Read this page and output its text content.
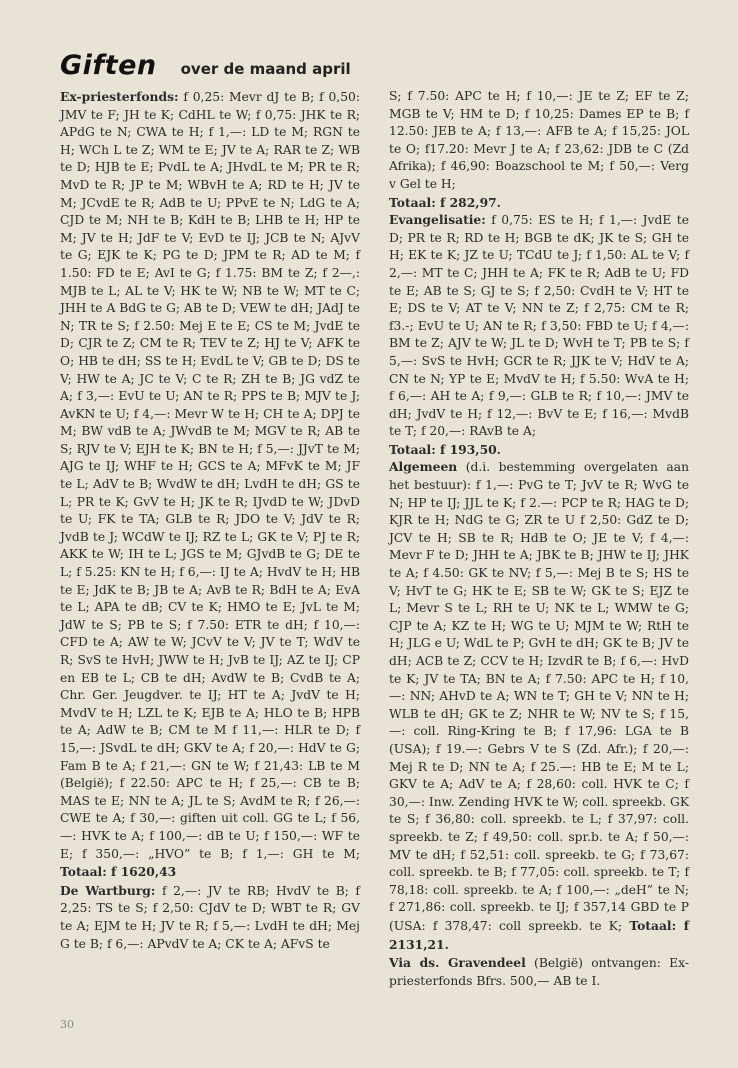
Giften over de maand april

Ex-priesterfonds: f 0,25: Mevr dJ te B; f 0,50: JMV te F; JH te K; CdHL te W; f 0,75: JHK te R; APdG te N; CWA te H; f 1,—: LD te M; RGN te H; WCh L te Z; WM te E; JV te A; RAR te Z; WB te D; HJB te E; PvdL te A; JHvdL te M; PR te R; MvD te R; JP te M; WBvH te A; RD te H; JV te M; JCvdE te R; AdB te U; PPvE te N; LdG te A; CJD te M; NH te B; KdH te B; LHB te H; HP te M; JV te H; JdF te V; EvD te IJ; JCB te N; AJvV te G; EJK te K; PG te D; JPM te R; AD te M; f 1.50: FD te E; AvI te G; f 1.75: BM te Z; f 2—,: MJB te L; AL te V; HK te W; NB te W; MT te C; JHH te A BdG te G; AB te D; VEW te dH; JAdJ te N; TR te S; f 2.50: Mej E te E; CS te M; JvdE te D; CJR te Z; CM te R; TEV te Z; HJ te V; AFK te O; HB te dH; SS te H; EvdL te V; GB te D; DS te V; HW te A; JC te V; C te R; ZH te B; JG vdZ te A; f 3,—: EvU te U; AN te R; PPS te B; MJV te J; AvKN te U; f 4,—: Mevr W te H; CH te A; DPJ te M; BW vdB te A; JWvdB te M; MGV te R; AB te S; RJV te V; EJH te K; BN te H; f 5,—: JJvT te M; AJG te IJ; WHF te H; GCS te A; MFvK te M; JF te L; AdV te B; WvdW te dH; LvdH te dH; GS te L; PR te K; GvV te H; JK te R; IJvdD te W; JDvD te U; FK te TA; GLB te R; JDO te V; JdV te R; JvdB te J; WCdW te IJ; RZ te L; GK te V; PJ te R; AKK te W; IH te L; JGS te M; GJvdB te G; DE te L; f 5.25: KN te H; f 6,—: IJ te A; HvdV te H; HB te E; JdK te B; JB te A; AvB te R; BdH te A; EvA te L; APA te dB; CV te K; HMO te E; JvL te M; JdW te S; PB te S; f 7.50: ETR te dH; f 10,—: CFD te A; AW te W; JCvV te V; JV te T; WdV te R; SvS te HvH; JWW te H; JvB te IJ; AZ te IJ; CP en EB te L; CB te dH; AvdW te B; CvdB te A; Chr. Ger. Jeugdver. te IJ; HT te A; JvdV te H; MvdV te H; LZL te K; EJB te A; HLO te B; HPB te A; AdW te B; CM te M f 11,—: HLR te D; f 15,—: JSvdL te dH; GKV te A; f 20,—: HdV te G; Fam B te A; f 21,—: GN te W; f 21,43: LB te M (België); f 22.50: APC te H; f 25,—: CB te B; MAS te E; NN te A; JL te S; AvdM te R; f 26,—: CWE te A; f 30,—: giften uit coll. GG te L; f 56,—: HVK te A; f 100,—: dB te U; f 150,—: WF te E; f 350,—: „HVO” te B; f 1,—: GH te M; Totaal: f 1620,43

De Wartburg: f 2,—: JV te RB; HvdV te B; f 2,25: TS te S; f 2,50: CJdV te D; WBT te R; GV te A; EJM te H; JV te R; f 5,—: LvdH te dH; Mej G te B; f 6,—: APvdV te A; CK te A; AFvS te

S; f 7.50: APC te H; f 10,—: JE te Z; EF te Z; MGB te V; HM te D; f 10,25: Dames EP te B; f 12.50: JEB te A; f 13,—: AFB te A; f 15,25: JOL te O; f17.20: Mevr J te A; f 23,62: JDB te C (Zd Afrika); f 46,90: Boazschool te M; f 50,—: Verg v Gel te H;

Totaal: f 282,97.

Evangelisatie: f 0,75: ES te H; f 1,—: JvdE te D; PR te R; RD te H; BGB te dK; JK te S; GH te H; EK te K; JZ te U; TCdU te J; f 1,50: AL te V; f 2,—: MT te C; JHH te A; FK te R; AdB te U; FD te E; AB te S; GJ te S; f 2,50: CvdH te V; HT te E; DS te V; AT te V; NN te Z; f 2,75: CM te R; f3.-; EvU te U; AN te R; f 3,50: FBD te U; f 4,—: BM te Z; AJV te W; JL te D; WvH te T; PB te S; f 5,—: SvS te HvH; GCR te R; JJK te V; HdV te A; CN te N; YP te E; MvdV te H; f 5.50: WvA te H; f 6,—: AH te A; f 9,—: GLB te R; f 10,—: JMV te dH; JvdV te H; f 12,—: BvV te E; f 16,—: MvdB te T; f 20,—: RAvB te A;

Totaal: f 193,50.

Algemeen (d.i. bestemming overgelaten aan het bestuur): f 1,—: PvG te T; JvV te R; WvG te N; HP te IJ; JJL te K; f 2.—: PCP te R; HAG te D; KJR te H; NdG te G; ZR te U f 2,50: GdZ te D; JCV te H; SB te R; HdB te O; JE te V; f 4,—: Mevr F te D; JHH te A; JBK te B; JHW te IJ; JHK te A; f 4.50: GK te NV; f 5,—: Mej B te S; HS te V; HvT te G; HK te E; SB te W; GK te S; EJZ te L; Mevr S te L; RH te U; NK te L; WMW te G; CJP te A; KZ te H; WG te U; MJM te W; RtH te H; JLG e U; WdL te P; GvH te dH; GK te B; JV te dH; ACB te Z; CCV te H; IzvdR te B; f 6,—: HvD te K; JV te TA; BN te A; f 7.50: APC te H; f 10,—: NN; AHvD te A; WN te T; GH te V; NN te H; WLB te dH; GK te Z; NHR te W; NV te S; f 15,—: coll. Ring-Kring te B; f 17,96: LGA te B (USA); f 19.—: Gebrs V te S (Zd. Afr.); f 20,—: Mej R te D; NN te A; f 25.—: HB te E; M te L; GKV te A; AdV te A; f 28,60: coll. HVK te C; f 30,—: Inw. Zending HVK te W; coll. spreekb. GK te S; f 36,80: coll. spreekb. te L; f 37,97: coll. spreekb. te Z; f 49,50: coll. spr.b. te A; f 50,—: MV te dH; f 52,51: coll. spreekb. te G; f 73,67: coll. spreekb. te B; f 77,05: coll. spreekb. te T; f 78,18: coll. spreekb. te A; f 100,—: „deH” te N; f 271,86: coll. spreekb. te IJ; f 357,14 GBD te P (USA: f 378,47: coll spreekb. te K; Totaal: f 2131,21.

Via ds. Gravendeel (België) ontvangen: Ex-priesterfonds Bfrs. 500,— AB te I.

30
